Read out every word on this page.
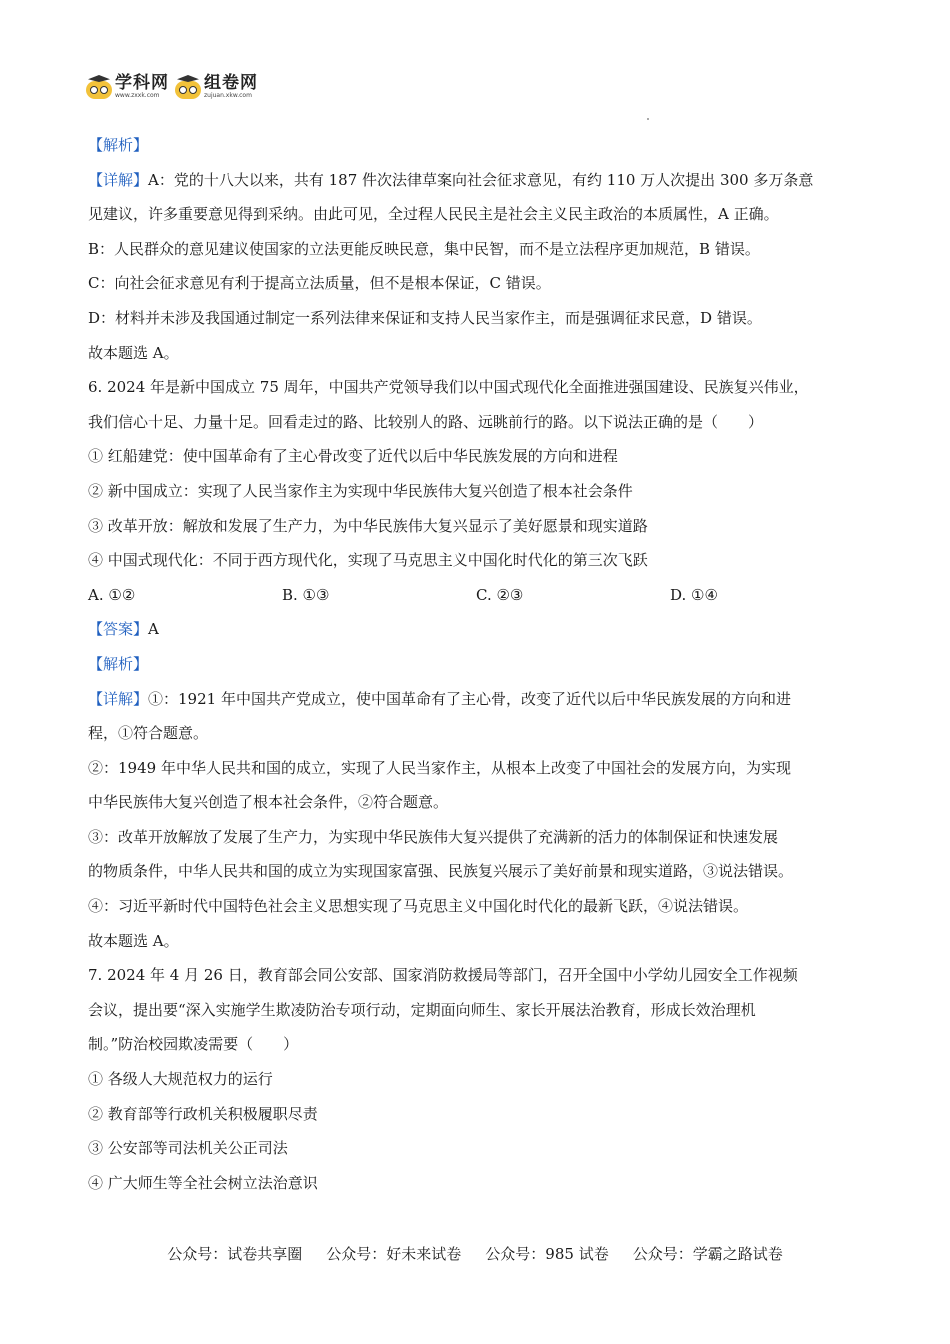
学科网
www.zxxk.com
组卷网
zujuan.xkw.com
【解析】
【详解】A：党的十八大以来，共有 187 件次法律草案向社会征求意见，有约 110 万人次提出 300 多万条意
见建议，许多重要意见得到采纳。由此可见，全过程人民民主是社会主义民主政治的本质属性，A 正确。
B：人民群众的意见建议使国家的立法更能反映民意，集中民智，而不是立法程序更加规范，B 错误。
C：向社会征求意见有利于提高立法质量，但不是根本保证，C 错误。
D：材料并未涉及我国通过制定一系列法律来保证和支持人民当家作主，而是强调征求民意，D 错误。
故本题选 A。
6. 2024 年是新中国成立 75 周年，中国共产党领导我们以中国式现代化全面推进强国建设、民族复兴伟业，
我们信心十足、力量十足。回看走过的路、比较别人的路、远眺前行的路。以下说法正确的是（　　）
① 红船建党：使中国革命有了主心骨改变了近代以后中华民族发展的方向和进程
② 新中国成立：实现了人民当家作主为实现中华民族伟大复兴创造了根本社会条件
③ 改革开放：解放和发展了生产力，为中华民族伟大复兴显示了美好愿景和现实道路
④ 中国式现代化：不同于西方现代化，实现了马克思主义中国化时代化的第三次飞跃
A. ①②	B. ①③	C. ②③	D. ①④
【答案】A
【解析】
【详解】①：1921 年中国共产党成立，使中国革命有了主心骨，改变了近代以后中华民族发展的方向和进
程，①符合题意。
②：1949 年中华人民共和国的成立，实现了人民当家作主，从根本上改变了中国社会的发展方向，为实现
中华民族伟大复兴创造了根本社会条件，②符合题意。
③：改革开放解放了发展了生产力，为实现中华民族伟大复兴提供了充满新的活力的体制保证和快速发展
的物质条件，中华人民共和国的成立为实现国家富强、民族复兴展示了美好前景和现实道路，③说法错误。
④：习近平新时代中国特色社会主义思想实现了马克思主义中国化时代化的最新飞跃，④说法错误。
故本题选 A。
7. 2024 年 4 月 26 日，教育部会同公安部、国家消防救援局等部门，召开全国中小学幼儿园安全工作视频
会议，提出要“深入实施学生欺凌防治专项行动，定期面向师生、家长开展法治教育，形成长效治理机
制。”防治校园欺凌需要（　　）
① 各级人大规范权力的运行
② 教育部等行政机关积极履职尽责
③ 公安部等司法机关公正司法
④ 广大师生等全社会树立法治意识
公众号：试卷共享圈 公众号：好未来试卷 公众号：985 试卷 公众号：学霸之路试卷
